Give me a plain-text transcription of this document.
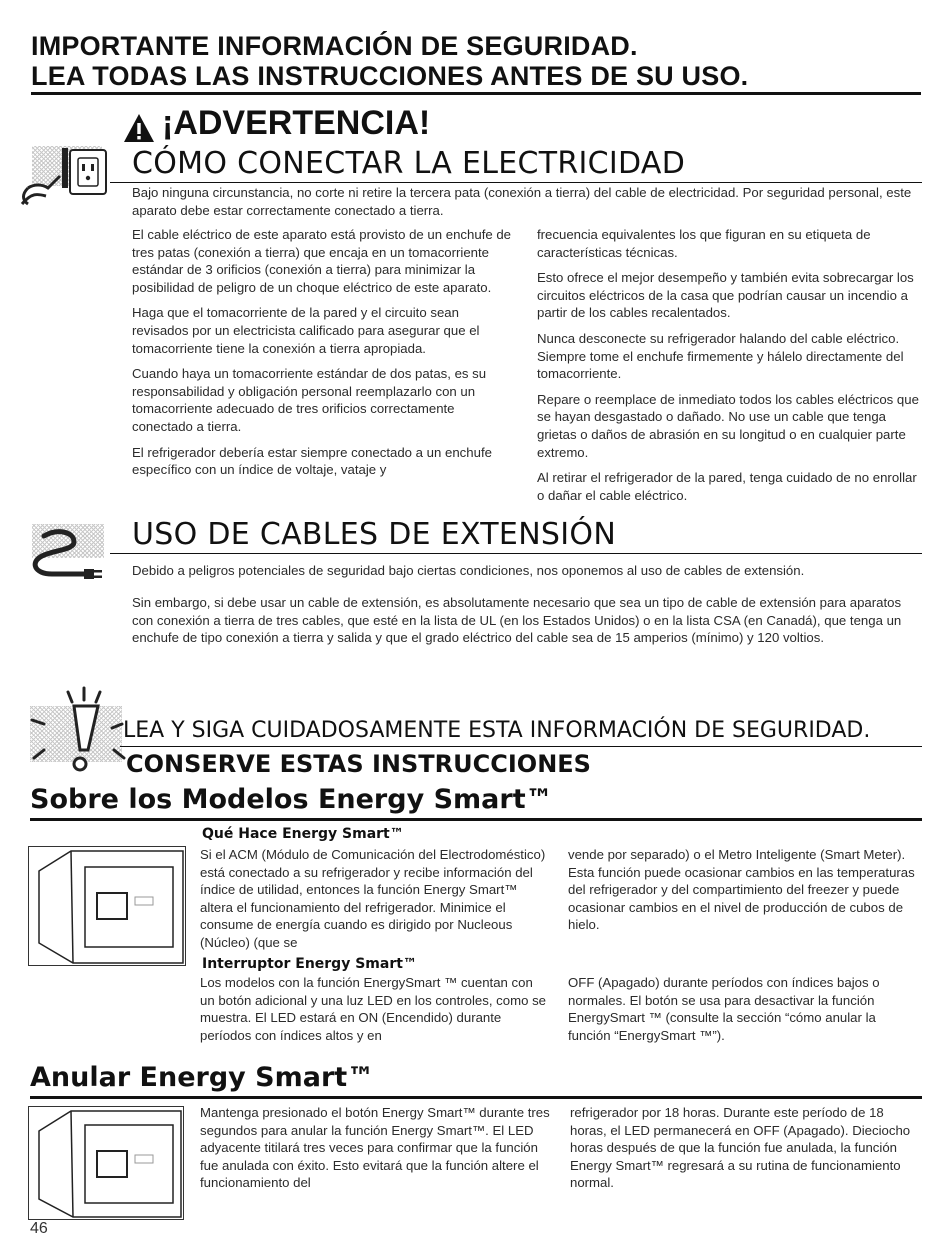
IMPORTANTE INFORMACIÓN DE SEGURIDAD.
LEA TODAS LAS INSTRUCCIONES ANTES DE SU USO.
¡ADVERTENCIA!
CÓMO CONECTAR LA ELECTRICIDAD

Bajo ninguna circunstancia, no corte ni retire la tercera pata (conexión a tierra) del cable de electricidad. Por seguridad personal, este aparato debe estar correctamente conectado a tierra.

El cable eléctrico de este aparato está provisto de un enchufe de tres patas (conexión a tierra) que encaja en un tomacorriente estándar de 3 orificios (conexión a tierra) para minimizar la posibilidad de peligro de un choque eléctrico de este aparato.

Haga que el tomacorriente de la pared y el circuito sean revisados por un electricista calificado para asegurar que el tomacorriente tiene la conexión a tierra apropiada.

Cuando haya un tomacorriente estándar de dos patas, es su responsabilidad y obligación personal reemplazarlo con un tomacorriente adecuado de tres orificios correctamente conectado a tierra.

El refrigerador debería estar siempre conectado a un enchufe específico con un índice de voltaje, vataje y

frecuencia equivalentes los que figuran en su etiqueta de características técnicas.

Esto ofrece el mejor desempeño y también evita sobrecargar los circuitos eléctricos de la casa que podrían causar un incendio a partir de los cables recalentados.

Nunca desconecte su refrigerador halando del cable eléctrico. Siempre tome el enchufe firmemente y hálelo directamente del tomacorriente.

Repare o reemplace de inmediato todos los cables eléctricos que se hayan desgastado o dañado. No use un cable que tenga grietas o daños de abrasión en su longitud o en cualquier parte extremo.

Al retirar el refrigerador de la pared, tenga cuidado de no enrollar o dañar el cable eléctrico.

USO DE CABLES DE EXTENSIÓN

Debido a peligros potenciales de seguridad bajo ciertas condiciones, nos oponemos al uso de cables de extensión.

Sin embargo, si debe usar un cable de extensión, es absolutamente necesario que sea un tipo de cable de extensión para aparatos con conexión a tierra de tres cables, que esté en la lista de UL (en los Estados Unidos) o en la lista CSA (en Canadá), que tenga un enchufe de tipo conexión a tierra y salida y que el grado eléctrico del cable sea de 15 amperios (mínimo) y 120 voltios.

LEA Y SIGA CUIDADOSAMENTE ESTA INFORMACIÓN DE SEGURIDAD.
CONSERVE ESTAS INSTRUCCIONES
Sobre los Modelos Energy Smart™
Qué Hace Energy Smart™

Si el ACM (Módulo de Comunicación del Electrodoméstico) está conectado a su refrigerador y recibe información del índice de utilidad, entonces la función Energy Smart™ altera el funcionamiento del refrigerador. Minimice el consume de energía cuando es dirigido por Nucleous (Núcleo) (que se

vende por separado) o el Metro Inteligente (Smart Meter). Esta función puede ocasionar cambios en las temperaturas del refrigerador y del compartimiento del freezer y puede ocasionar cambios en el nivel de producción de cubos de hielo.

Interruptor Energy Smart™

Los modelos con la función EnergySmart ™ cuentan con un botón adicional y una luz LED en los controles, como se muestra. El LED estará en ON (Encendido) durante períodos con índices altos y en

OFF (Apagado) durante períodos con índices bajos o normales. El botón se usa para desactivar la función EnergySmart ™ (consulte la sección “cómo anular la función “EnergySmart ™”).

Anular Energy Smart™

Mantenga presionado el botón Energy Smart™ durante tres segundos para anular la función Energy Smart™. El LED adyacente titilará tres veces para confirmar que la función fue anulada con éxito. Esto evitará que la función altere el funcionamiento del

refrigerador por 18 horas. Durante este período de 18 horas, el LED permanecerá en OFF (Apagado). Dieciocho horas después de que la función fue anulada, la función Energy Smart™ regresará a su rutina de funcionamiento normal.

46
